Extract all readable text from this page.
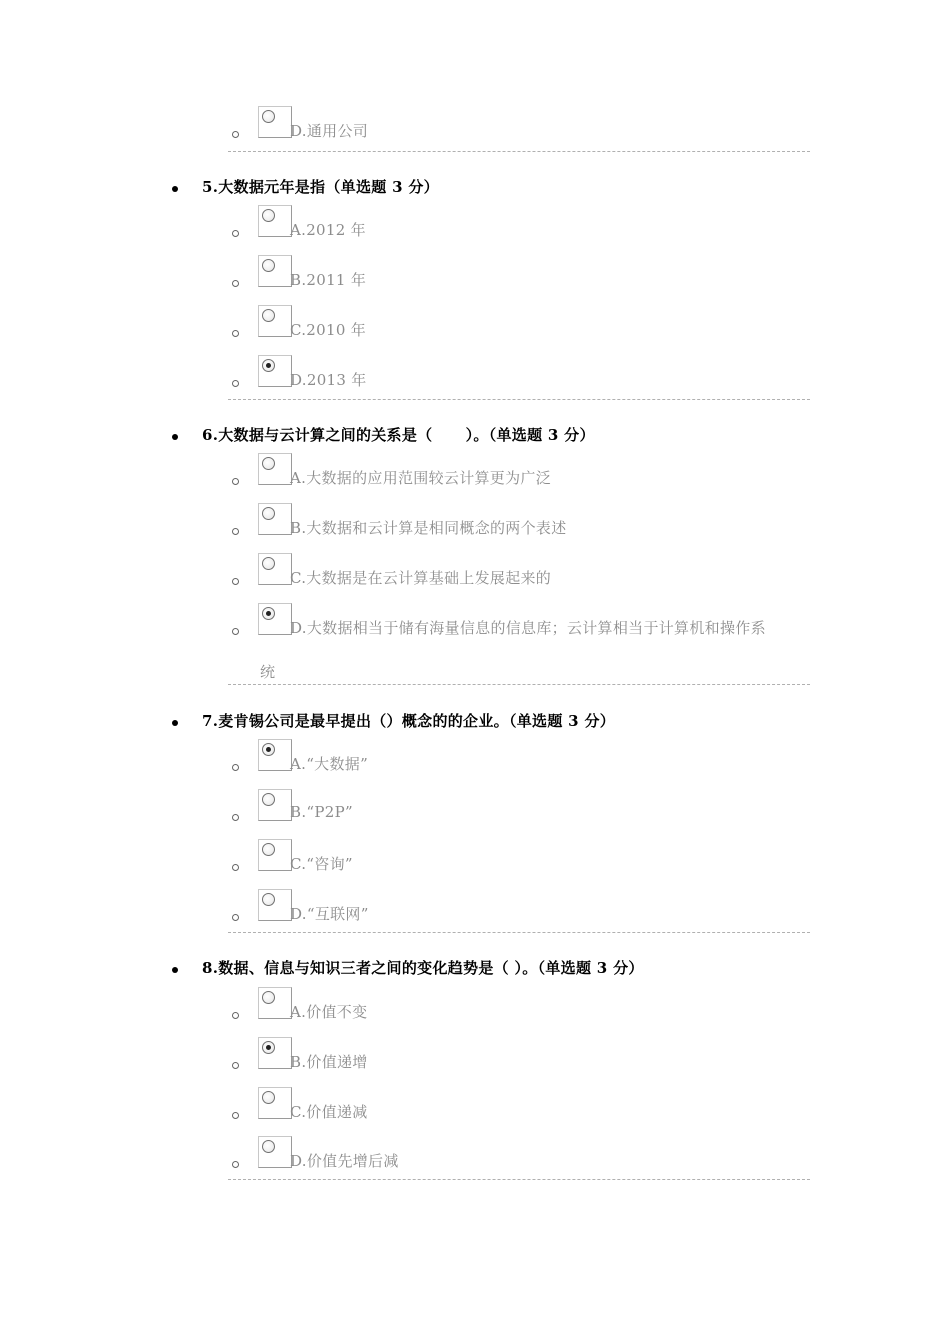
D.通用公司
5.大数据元年是指（单选题 3 分）
A.2012 年
B.2011 年
C.2010 年
D.2013 年
6.大数据与云计算之间的关系是（      ）。（单选题 3 分）
A.大数据的应用范围较云计算更为广泛
B.大数据和云计算是相同概念的两个表述
C.大数据是在云计算基础上发展起来的
D.大数据相当于储有海量信息的信息库；云计算相当于计算机和操作系
统
7.麦肯锡公司是最早提出（）概念的的企业。（单选题 3 分）
A.“大数据”
B.“P2P”
C.“咨询”
D.“互联网”
8.数据、信息与知识三者之间的变化趋势是（ ）。（单选题 3 分）
A.价值不变
B.价值递增
C.价值递减
D.价值先增后减
